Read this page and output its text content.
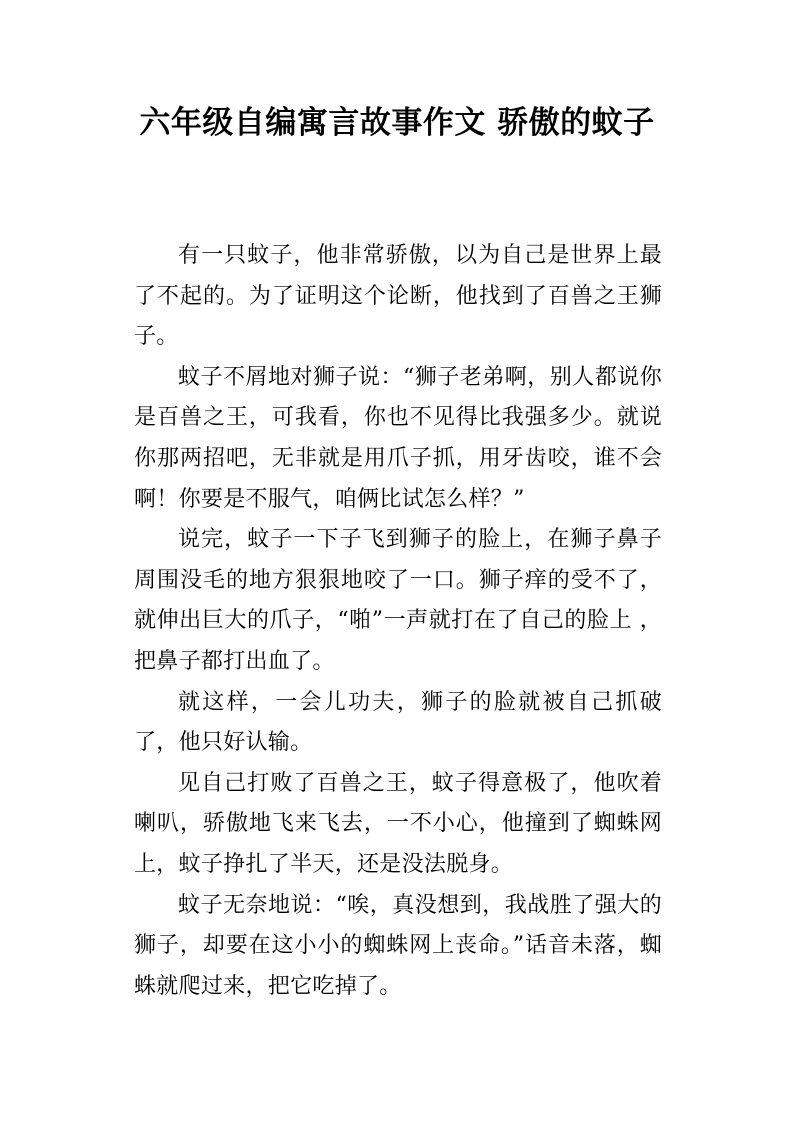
六年级自编寓言故事作文 骄傲的蚊子

有一只蚊子，他非常骄傲，以为自己是世界上最了不起的。为了证明这个论断，他找到了百兽之王狮子。

蚊子不屑地对狮子说：“狮子老弟啊，别人都说你是百兽之王，可我看，你也不见得比我强多少。就说你那两招吧，无非就是用爪子抓，用牙齿咬，谁不会啊！你要是不服气，咱俩比试怎么样？”

说完，蚊子一下子飞到狮子的脸上，在狮子鼻子周围没毛的地方狠狠地咬了一口。狮子痒的受不了，就伸出巨大的爪子，“啪”一声就打在了自己的脸上 ，把鼻子都打出血了。

就这样，一会儿功夫，狮子的脸就被自己抓破了，他只好认输。

见自己打败了百兽之王，蚊子得意极了，他吹着喇叭，骄傲地飞来飞去，一不小心，他撞到了蜘蛛网上，蚊子挣扎了半天，还是没法脱身。

蚊子无奈地说：“唉，真没想到，我战胜了强大的狮子，却要在这小小的蜘蛛网上丧命。”话音未落，蜘蛛就爬过来，把它吃掉了。
